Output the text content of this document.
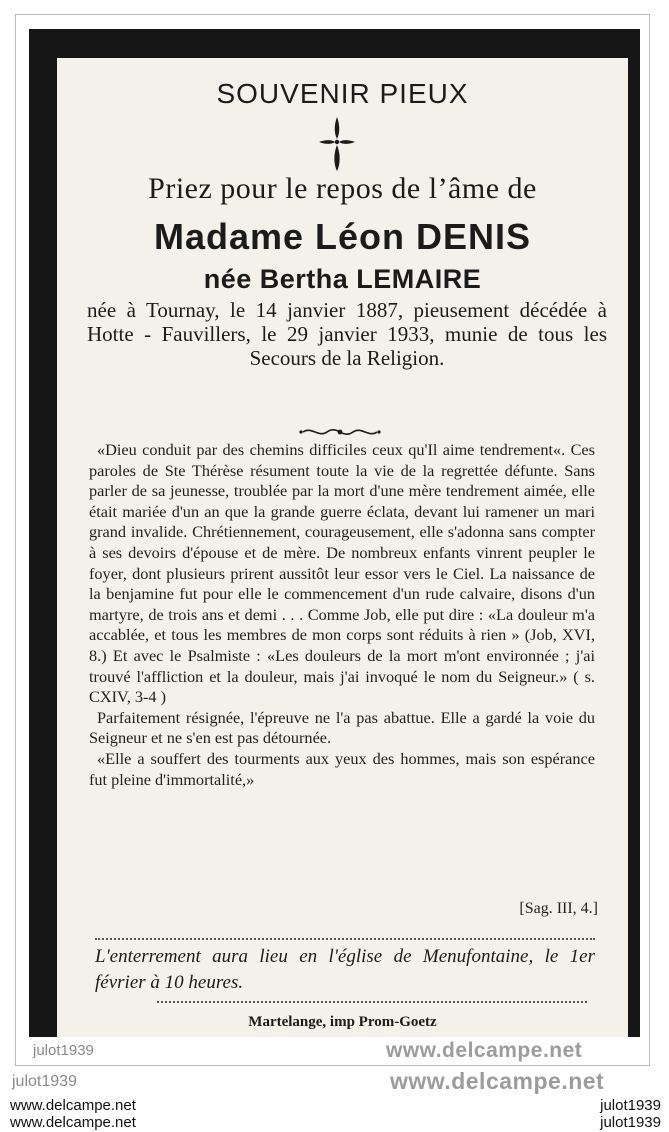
SOUVENIR PIEUX
Priez pour le repos de l’âme de
Madame Léon DENIS
née Bertha LEMAIRE
née à Tournay, le 14 janvier 1887, pieusement décédée à Hotte - Fauvillers, le 29 janvier 1933, munie de tous les Secours de la Religion.

«Dieu conduit par des chemins difficiles ceux qu'Il aime tendrement«. Ces paroles de Ste Thérèse résument toute la vie de la regrettée défunte. Sans parler de sa jeunesse, troublée par la mort d'une mère tendrement aimée, elle était mariée d'un an que la grande guerre éclata, devant lui ramener un mari grand invalide. Chrétiennement, courageusement, elle s'adonna sans compter à ses devoirs d'épouse et de mère. De nombreux enfants vinrent peupler le foyer, dont plusieurs prirent aussitôt leur essor vers le Ciel. La naissance de la benjamine fut pour elle le commencement d'un rude calvaire, disons d'un martyre, de trois ans et demi . . . Comme Job, elle put dire : «La douleur m'a accablée, et tous les membres de mon corps sont réduits à rien » (Job, XVI, 8.) Et avec le Psalmiste : «Les douleurs de la mort m'ont environnée ; j'ai trouvé l'affliction et la douleur, mais j'ai invoqué le nom du Seigneur.» ( s. CXIV, 3-4 )

Parfaitement résignée, l'épreuve ne l'a pas abattue. Elle a gardé la voie du Seigneur et ne s'en est pas détournée.

«Elle a souffert des tourments aux yeux des hommes, mais son espérance fut pleine d'immortalité,»

[Sag. III, 4.]
L'enterrement aura lieu en l'église de Menufontaine, le 1er février à 10 heures.
Martelange, imp Prom-Goetz
julot1939	www.delcampe.net
julot1939	www.delcampe.net
www.delcampe.net	julot1939
www.delcampe.net	julot1939
